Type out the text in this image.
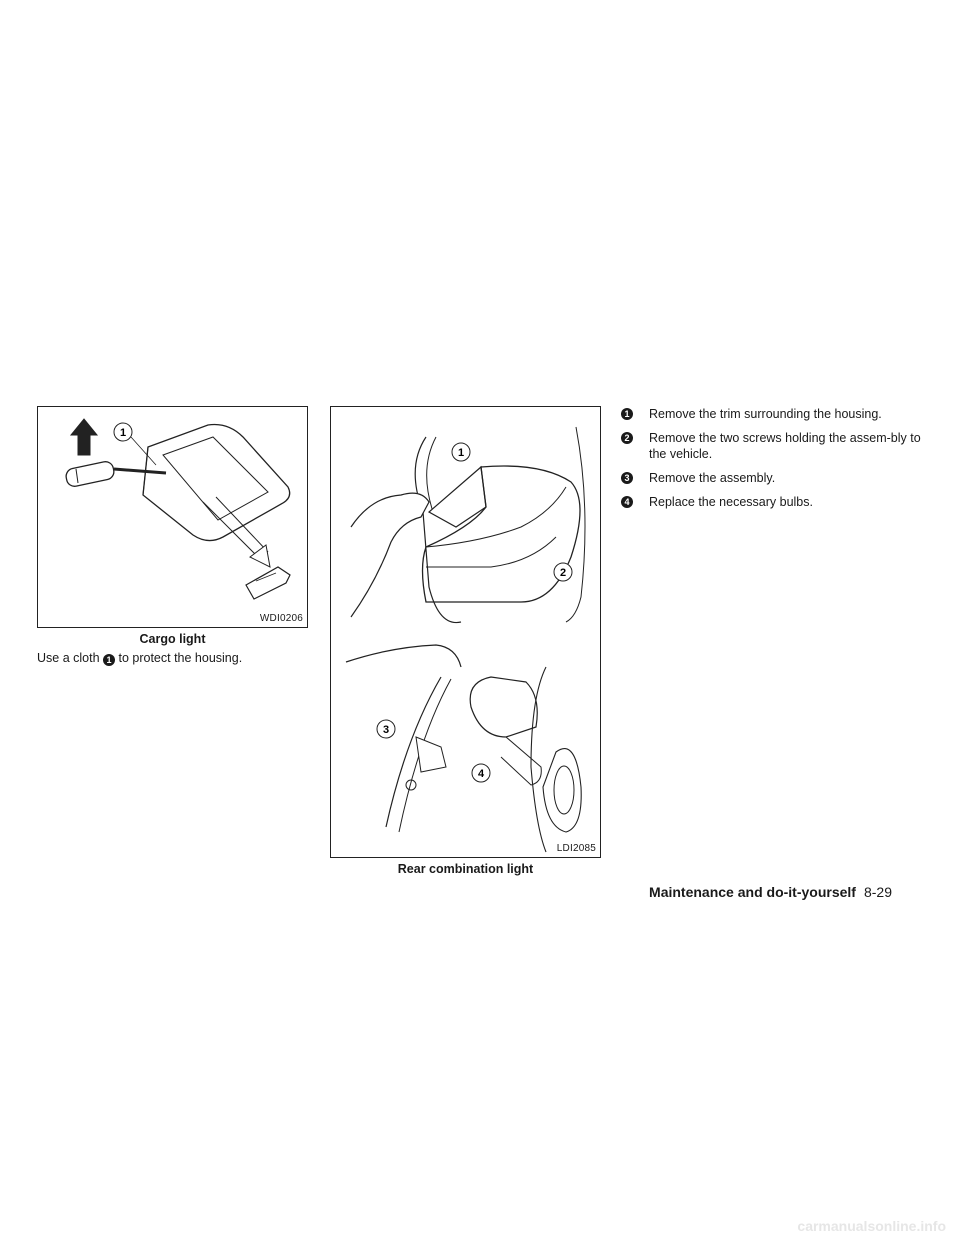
1
WDI0206
Cargo light
Use a cloth 1 to protect the housing.
1
2
3
4
LDI2085
Rear combination light
1	Remove the trim surrounding the housing.
2	Remove the two screws holding the assem-bly to the vehicle.
3	Remove the assembly.
4	Replace the necessary bulbs.
Maintenance and do-it-yourself 8-29
carmanualsonline.info
